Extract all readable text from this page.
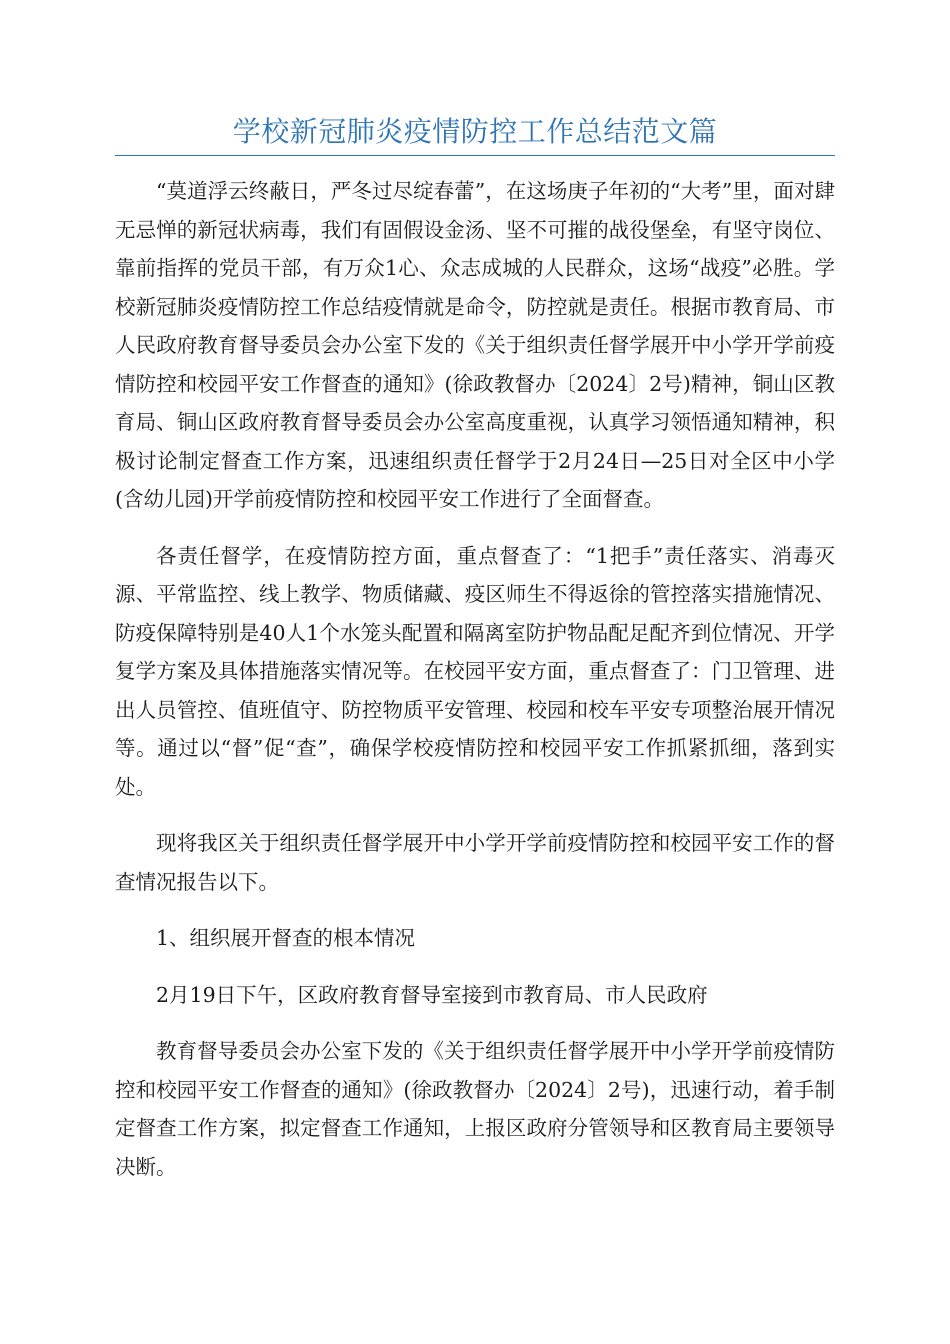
学校新冠肺炎疫情防控工作总结范文篇

“莫道浮云终蔽日，严冬过尽绽春蕾”，在这场庚子年初的“大考”里，面对肆无忌惮的新冠状病毒，我们有固假设金汤、坚不可摧的战役堡垒，有坚守岗位、靠前指挥的党员干部，有万众1心、众志成城的人民群众，这场“战疫”必胜。学校新冠肺炎疫情防控工作总结疫情就是命令，防控就是责任。根据市教育局、市人民政府教育督导委员会办公室下发的《关于组织责任督学展开中小学开学前疫情防控和校园平安工作督查的通知》(徐政教督办〔2024〕2号)精神，铜山区教育局、铜山区政府教育督导委员会办公室高度重视，认真学习领悟通知精神，积极讨论制定督查工作方案，迅速组织责任督学于2月24日—25日对全区中小学(含幼儿园)开学前疫情防控和校园平安工作进行了全面督查。

各责任督学，在疫情防控方面，重点督查了：“1把手”责任落实、消毒灭源、平常监控、线上教学、物质储藏、疫区师生不得返徐的管控落实措施情况、防疫保障特别是40人1个水笼头配置和隔离室防护物品配足配齐到位情况、开学复学方案及具体措施落实情况等。在校园平安方面，重点督查了：门卫管理、进出人员管控、值班值守、防控物质平安管理、校园和校车平安专项整治展开情况等。通过以“督”促“查”，确保学校疫情防控和校园平安工作抓紧抓细，落到实处。

现将我区关于组织责任督学展开中小学开学前疫情防控和校园平安工作的督查情况报告以下。

1、组织展开督查的根本情况

2月19日下午，区政府教育督导室接到市教育局、市人民政府

教育督导委员会办公室下发的《关于组织责任督学展开中小学开学前疫情防控和校园平安工作督查的通知》(徐政教督办〔2024〕2号)，迅速行动，着手制定督查工作方案，拟定督查工作通知，上报区政府分管领导和区教育局主要领导决断。
